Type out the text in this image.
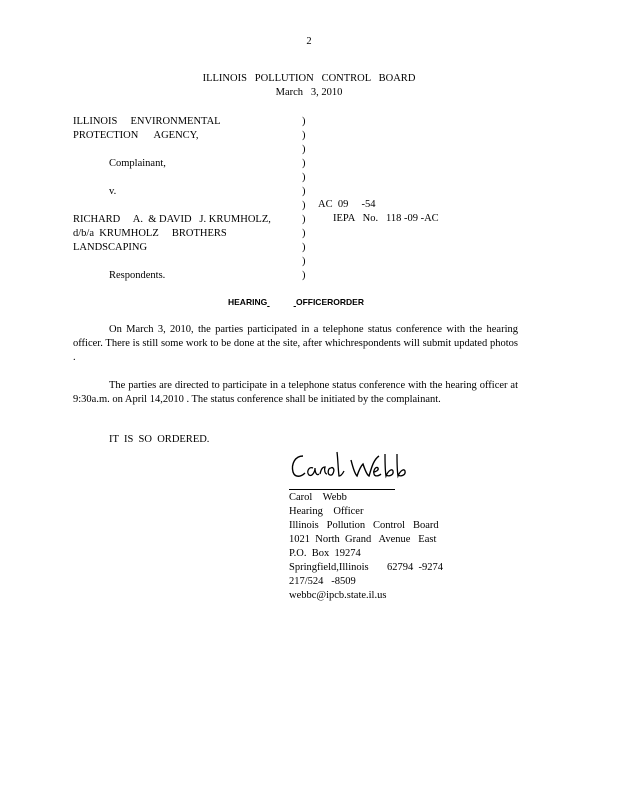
2
ILLINOIS   POLLUTION   CONTROL   BOARD
March   3, 2010
ILLINOIS     ENVIRONMENTAL
PROTECTION      AGENCY,
Complainant,
v.
RICHARD     A.  & DAVID   J. KRUMHOLZ,
d/b/a  KRUMHOLZ     BROTHERS
LANDSCAPING
Respondents.
)
)
)
)
)
)
)
)
)
)
)
)
AC  09     -54
IEPA   No.   118 -09 -AC
HEARING	OFFICERORDER
On March 3, 2010, the parties participated in a telephone status conference with the hearing officer. There is still some work to be done at the site, after whichrespondents will submit updated photos .
The parties are directed to participate in a telephone status conference with the hearing officer at 9:30a.m. on April 14,2010 . The status conference shall be initiated by the complainant.
IT  IS  SO  ORDERED.
Carol    Webb
Hearing    Officer
Illinois   Pollution   Control   Board
1021  North  Grand   Avenue   East
P.O.  Box  19274
Springfield,Illinois       62794  -9274
217/524   -8509
webbc@ipcb.state.il.us
